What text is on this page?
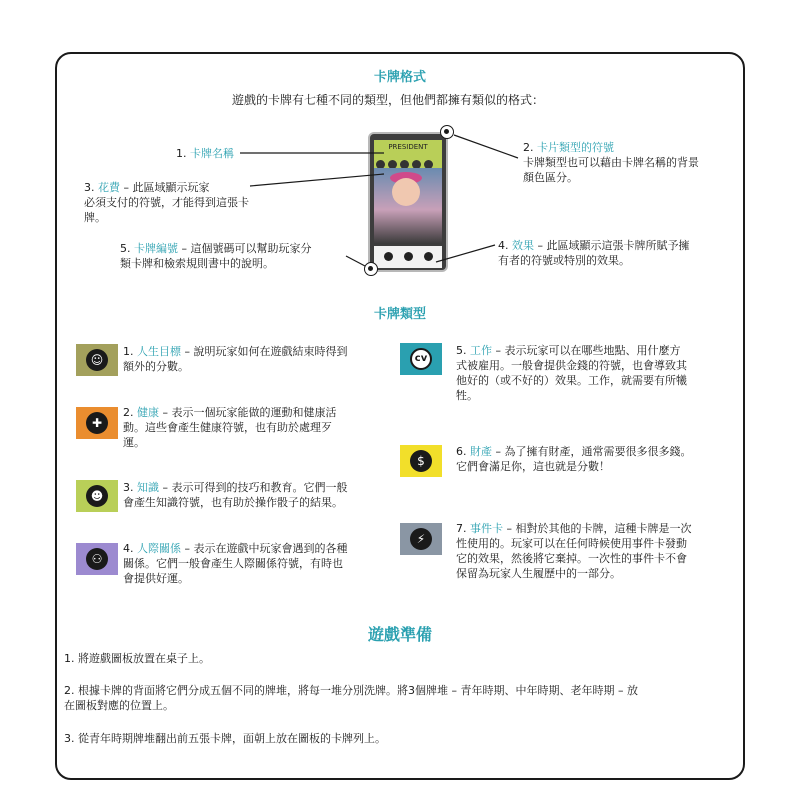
卡牌格式
遊戲的卡牌有七種不同的類型，但他們都擁有類似的格式：
PRESIDENT
1. 卡牌名稱	2. 卡片類型的符號
卡牌類型也可以藉由卡牌名稱的背景
顏色區分。
3. 花費 – 此區域顯示玩家
必須支付的符號，才能得到這張卡
牌。
4. 效果 – 此區域顯示這張卡牌所賦予擁
有者的符號或特別的效果。
5. 卡牌編號 – 這個號碼可以幫助玩家分
類卡牌和檢索規則書中的說明。
卡牌類型
☺
1. 人生目標 – 說明玩家如何在遊戲結束時得到
額外的分數。
✚
2. 健康 – 表示一個玩家能做的運動和健康活
動。這些會產生健康符號，也有助於處理歹
運。
☻
3. 知識 – 表示可得到的技巧和教育。它們一般
會產生知識符號，也有助於操作骰子的結果。
⚇
4. 人際關係 – 表示在遊戲中玩家會遇到的各種
關係。它們一般會產生人際關係符號，有時也
會提供好運。
cv
5. 工作 – 表示玩家可以在哪些地點、用什麼方
式被雇用。一般會提供金錢的符號，也會導致其
他好的（或不好的）效果。工作，就需要有所犧
牲。
$
6. 財產 – 為了擁有財產，通常需要很多很多錢。
它們會滿足你，這也就是分數！
⚡
7. 事件卡 – 相對於其他的卡牌，這種卡牌是一次
性使用的。玩家可以在任何時候使用事件卡發動
它的效果，然後將它棄掉。一次性的事件卡不會
保留為玩家人生履歷中的一部分。
遊戲準備
1. 將遊戲圖板放置在桌子上。
2. 根據卡牌的背面將它們分成五個不同的牌堆，將每一堆分別洗牌。將3個牌堆 – 青年時期、中年時期、老年時期 – 放
在圖板對應的位置上。
3. 從青年時期牌堆翻出前五張卡牌，面朝上放在圖板的卡牌列上。
